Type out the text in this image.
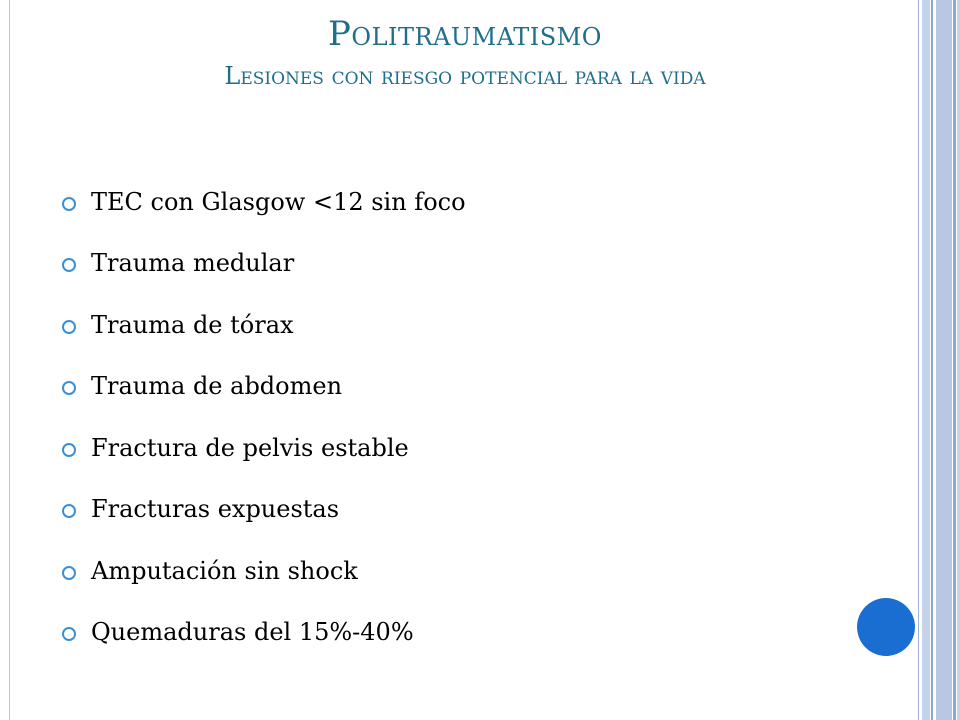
Politraumatismo
Lesiones con riesgo potencial para la vida
TEC con Glasgow <12 sin foco
Trauma medular
Trauma de tórax
Trauma de abdomen
Fractura de pelvis estable
Fracturas expuestas
Amputación sin shock
Quemaduras del 15%-40%
